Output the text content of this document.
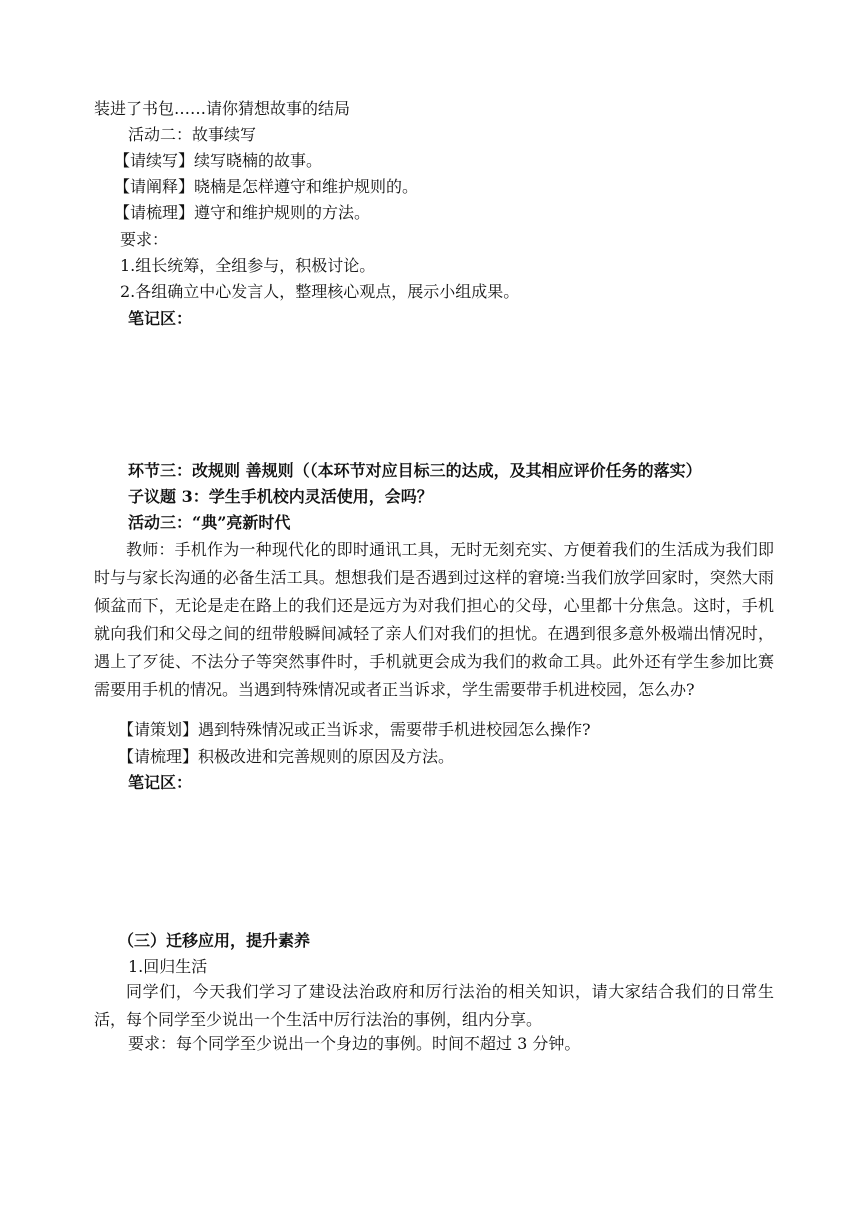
装进了书包……请你猜想故事的结局
活动二：故事续写
【请续写】续写晓楠的故事。
【请阐释】晓楠是怎样遵守和维护规则的。
【请梳理】遵守和维护规则的方法。
要求：
1.组长统筹，全组参与，积极讨论。
2.各组确立中心发言人，整理核心观点，展示小组成果。
笔记区：
环节三：改规则 善规则（（本环节对应目标三的达成，及其相应评价任务的落实）
子议题 3：学生手机校内灵活使用，会吗？
活动三：“典”亮新时代
教师：手机作为一种现代化的即时通讯工具，无时无刻充实、方便着我们的生活成为我们即时与与家长沟通的必备生活工具。想想我们是否遇到过这样的窘境:当我们放学回家时，突然大雨倾盆而下，无论是走在路上的我们还是远方为对我们担心的父母，心里都十分焦急。这时，手机就向我们和父母之间的纽带般瞬间减轻了亲人们对我们的担忧。在遇到很多意外极端出情况时，遇上了歹徒、不法分子等突然事件时，手机就更会成为我们的救命工具。此外还有学生参加比赛需要用手机的情况。当遇到特殊情况或者正当诉求，学生需要带手机进校园，怎么办?
【请策划】遇到特殊情况或正当诉求，需要带手机进校园怎么操作?
【请梳理】积极改进和完善规则的原因及方法。
笔记区：
（三）迁移应用，提升素养
1.回归生活
同学们，今天我们学习了建设法治政府和厉行法治的相关知识，请大家结合我们的日常生活，每个同学至少说出一个生活中厉行法治的事例，组内分享。
要求：每个同学至少说出一个身边的事例。时间不超过 3 分钟。
